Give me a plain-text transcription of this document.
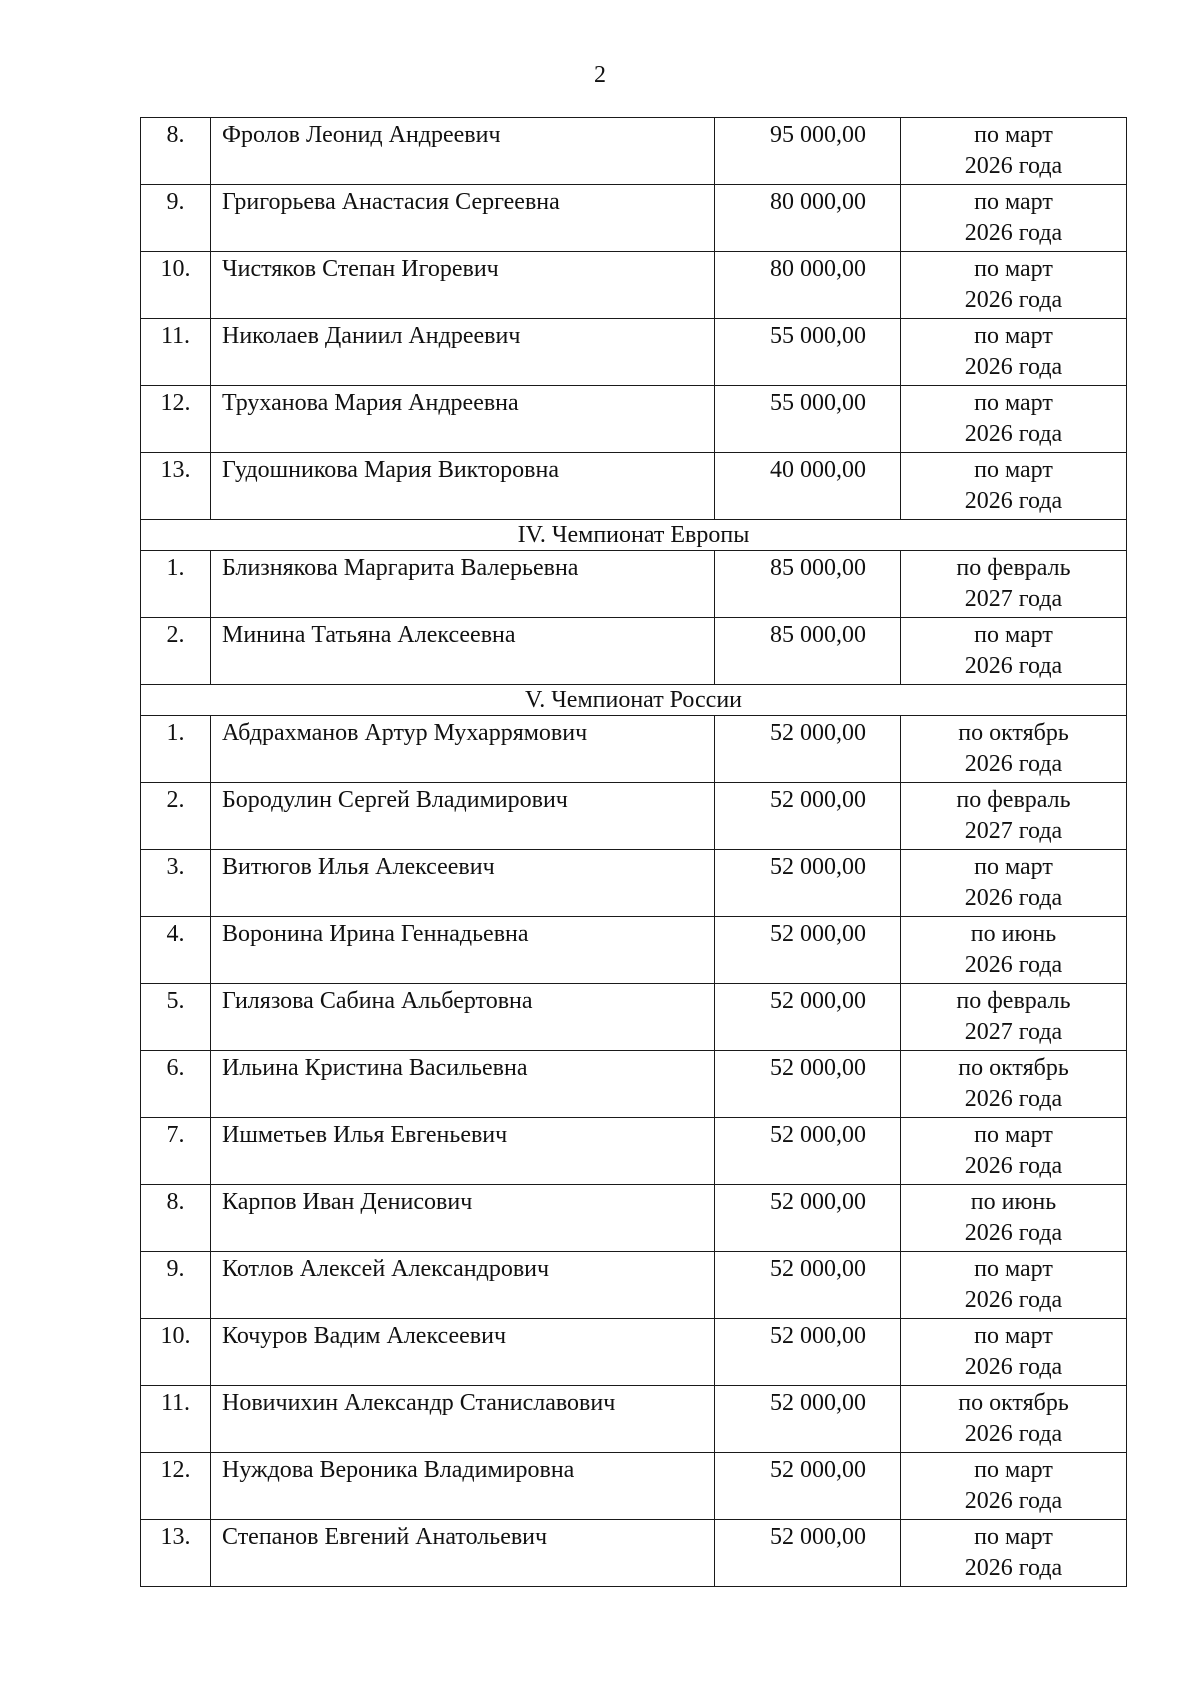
2
8.	Фролов Леонид Андреевич	95 000,00	по март
2026 года

9.	Григорьева Анастасия Сергеевна	80 000,00	по март
2026 года

10.	Чистяков Степан Игоревич	80 000,00	по март
2026 года

11.	Николаев Даниил Андреевич	55 000,00	по март
2026 года

12.	Труханова Мария Андреевна	55 000,00	по март
2026 года

13.	Гудошникова Мария Викторовна	40 000,00	по март
2026 года

IV. Чемпионат Европы			
1.	Близнякова Маргарита Валерьевна	85 000,00	по февраль
2027 года

2.	Минина Татьяна Алексеевна	85 000,00	по март
2026 года

V. Чемпионат России			
1.	Абдрахманов Артур Мухаррямович	52 000,00	по октябрь
2026 года

2.	Бородулин Сергей Владимирович	52 000,00	по февраль
2027 года

3.	Витюгов Илья Алексеевич	52 000,00	по март
2026 года

4.	Воронина Ирина Геннадьевна	52 000,00	по июнь
2026 года

5.	Гилязова Сабина Альбертовна	52 000,00	по февраль
2027 года

6.	Ильина Кристина Васильевна	52 000,00	по октябрь
2026 года

7.	Ишметьев Илья Евгеньевич	52 000,00	по март
2026 года

8.	Карпов Иван Денисович	52 000,00	по июнь
2026 года

9.	Котлов Алексей Александрович	52 000,00	по март
2026 года

10.	Кочуров Вадим Алексеевич	52 000,00	по март
2026 года

11.	Новичихин Александр Станиславович	52 000,00	по октябрь
2026 года

12.	Нуждова Вероника Владимировна	52 000,00	по март
2026 года

13.	Степанов Евгений Анатольевич	52 000,00	по март
2026 года
